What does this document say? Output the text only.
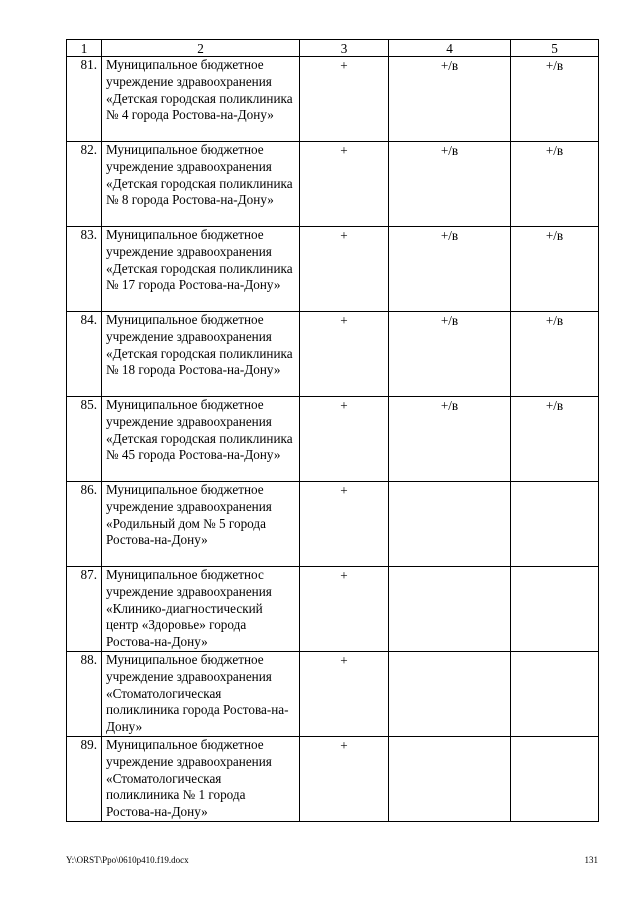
1	2	3	4	5
81.	Муниципальное бюджетное учреждение здравоохранения «Детская городская поликлиника № 4 города Ростова-на-Дону»	+	+/в	+/в
82.	Муниципальное бюджетное учреждение здравоохранения «Детская городская поликлиника № 8 города Ростова-на-Дону»	+	+/в	+/в
83.	Муниципальное бюджетное учреждение здравоохранения «Детская городская поликлиника № 17 города Ростова-на-Дону»	+	+/в	+/в
84.	Муниципальное бюджетное учреждение здравоохранения «Детская городская поликлиника № 18 города Ростова-на-Дону»	+	+/в	+/в
85.	Муниципальное бюджетное учреждение здравоохранения «Детская городская поликлиника № 45 города Ростова-на-Дону»	+	+/в	+/в
86.	Муниципальное бюджетное учреждение здравоохранения «Родильный дом № 5 города Ростова-на-Дону»	+		
87.	Муниципальное бюджетнос учреждение здравоохранения «Клинико-диагностический центр «Здоровье» города Ростова-на-Дону»	+		
88.	Муниципальное бюджетное учреждение здравоохранения «Стоматологическая поликлиника города Ростова-на-Дону»	+		
89.	Муниципальное бюджетное учреждение здравоохранения «Стоматологическая поликлиника № 1 города Ростова-на-Дону»	+		
Y:\ORST\Ppo\0610p410.f19.docx	131
